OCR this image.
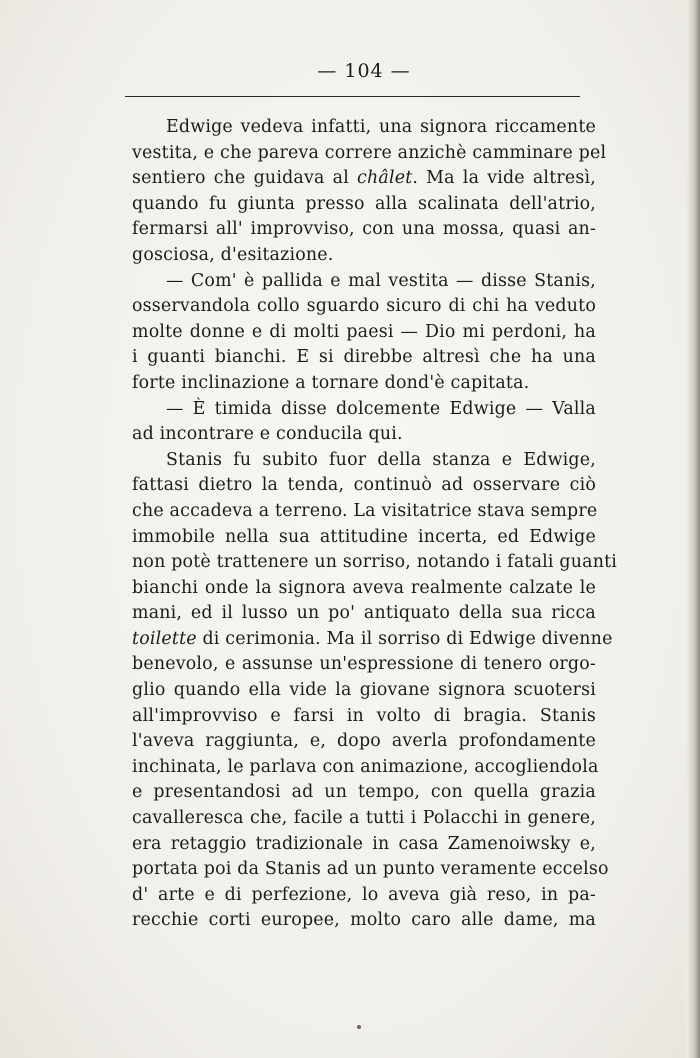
— 104 —
Edwige vedeva infatti, una signora riccamente
vestita, e che pareva correre anzichè camminare pel
sentiero che guidava al châlet. Ma la vide altresì,
quando fu giunta presso alla scalinata dell'atrio,
fermarsi all' improvviso, con una mossa, quasi an-
gosciosa, d'esitazione.
— Com' è pallida e mal vestita — disse Stanis,
osservandola collo sguardo sicuro di chi ha veduto
molte donne e di molti paesi — Dio mi perdoni, ha
i guanti bianchi. E si direbbe altresì che ha una
forte inclinazione a tornare dond'è capitata.
— È timida disse dolcemente Edwige — Valla
ad incontrare e conducila qui.
Stanis fu subito fuor della stanza e Edwige,
fattasi dietro la tenda, continuò ad osservare ciò
che accadeva a terreno. La visitatrice stava sempre
immobile nella sua attitudine incerta, ed Edwige
non potè trattenere un sorriso, notando i fatali guanti
bianchi onde la signora aveva realmente calzate le
mani, ed il lusso un po' antiquato della sua ricca
toilette di cerimonia. Ma il sorriso di Edwige divenne
benevolo, e assunse un'espressione di tenero orgo-
glio quando ella vide la giovane signora scuotersi
all'improvviso e farsi in volto di bragia. Stanis
l'aveva raggiunta, e, dopo averla profondamente
inchinata, le parlava con animazione, accogliendola
e presentandosi ad un tempo, con quella grazia
cavalleresca che, facile a tutti i Polacchi in genere,
era retaggio tradizionale in casa Zamenoiwsky e,
portata poi da Stanis ad un punto veramente eccelso
d' arte e di perfezione, lo aveva già reso, in pa-
recchie corti europee, molto caro alle dame, ma
